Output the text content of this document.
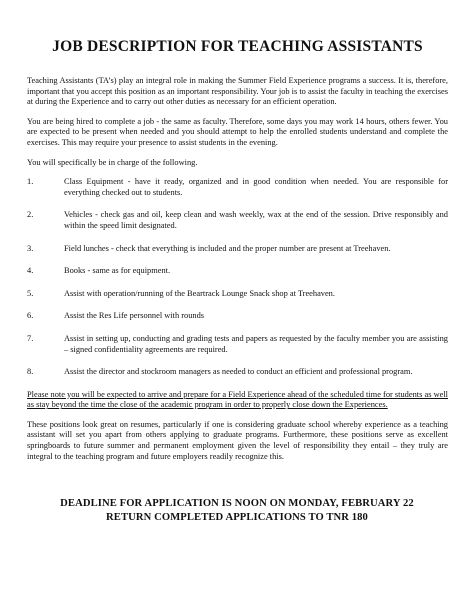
JOB DESCRIPTION FOR TEACHING ASSISTANTS

Teaching Assistants (TA’s) play an integral role in making the Summer Field Experience programs a success. It is, therefore, important that you accept this position as an important responsibility. Your job is to assist the faculty in teaching the exercises at during the Experience and to carry out other duties as necessary for an efficient operation.

You are being hired to complete a job - the same as faculty. Therefore, some days you may work 14 hours, others fewer. You are expected to be present when needed and you should attempt to help the enrolled students understand and complete the exercises. This may require your presence to assist students in the evening.

You will specifically be in charge of the following.

1.	Class Equipment - have it ready, organized and in good condition when needed. You are responsible for everything checked out to students.
2.	Vehicles - check gas and oil, keep clean and wash weekly, wax at the end of the session. Drive responsibly and within the speed limit designated.
3.	Field lunches - check that everything is included and the proper number are present at Treehaven.
4.	Books - same as for equipment.
5.	Assist with operation/running of the Beartrack Lounge Snack shop at Treehaven.
6.	Assist the Res Life personnel with rounds
7.	Assist in setting up, conducting and grading tests and papers as requested by the faculty member you are assisting – signed confidentiality agreements are required.
8.	Assist the director and stockroom managers as needed to conduct an efficient and professional program.

Please note you will be expected to arrive and prepare for a Field Experience ahead of the scheduled time for students as well as stay beyond the time the close of the academic program in order to properly close down the Experiences.

These positions look great on resumes, particularly if one is considering graduate school whereby experience as a teaching assistant will set you apart from others applying to graduate programs. Furthermore, these positions serve as excellent springboards to future summer and permanent employment given the level of responsibility they entail – they truly are integral to the teaching program and future employers readily recognize this.

DEADLINE FOR APPLICATION IS NOON ON MONDAY, FEBRUARY 22
RETURN COMPLETED APPLICATIONS TO TNR 180
